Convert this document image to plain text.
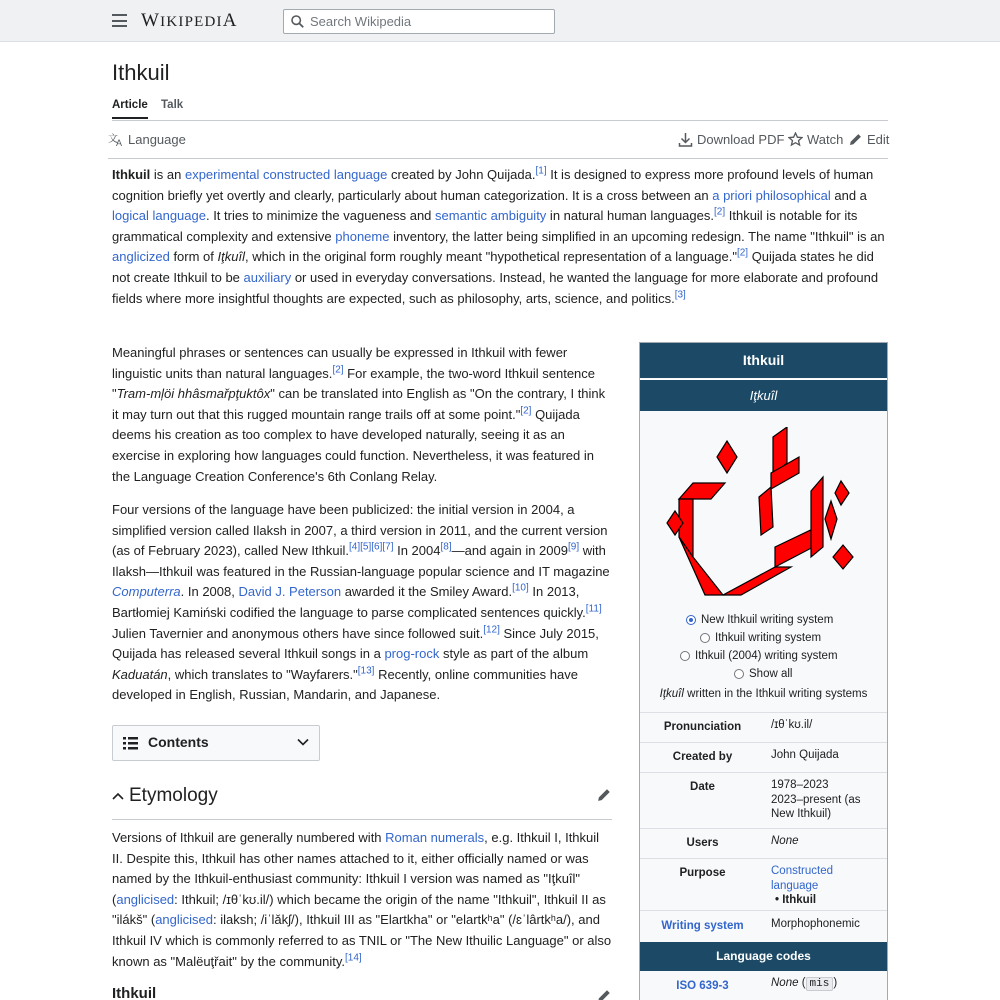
WIKIPEDIA
Search Wikipedia
Ithkuil
Article Talk
文
A Language	Download PDF Watch Edit
Ithkuil is an experimental constructed language created by John Quijada.[1] It is designed to express more profound levels of human cognition briefly yet overtly and clearly, particularly about human categorization. It is a cross between an a priori philosophical and a logical language. It tries to minimize the vagueness and semantic ambiguity in natural human languages.[2] Ithkuil is notable for its grammatical complexity and extensive phoneme inventory, the latter being simplified in an upcoming redesign. The name "Ithkuil" is an anglicized form of Iţkuîl, which in the original form roughly meant "hypothetical representation of a language."[2] Quijada states he did not create Ithkuil to be auxiliary or used in everyday conversations. Instead, he wanted the language for more elaborate and profound fields where more insightful thoughts are expected, such as philosophy, arts, science, and politics.[3]
Meaningful phrases or sentences can usually be expressed in Ithkuil with fewer linguistic units than natural languages.[2] For example, the two-word Ithkuil sentence "Tram-mļöi hhâsmařpţuktôx" can be translated into English as "On the contrary, I think it may turn out that this rugged mountain range trails off at some point."[2] Quijada deems his creation as too complex to have developed naturally, seeing it as an exercise in exploring how languages could function. Nevertheless, it was featured in the Language Creation Conference's 6th Conlang Relay.
Four versions of the language have been publicized: the initial version in 2004, a simplified version called Ilaksh in 2007, a third version in 2011, and the current version (as of February 2023), called New Ithkuil.[4][5][6][7] In 2004[8]—and again in 2009[9] with Ilaksh—Ithkuil was featured in the Russian-language popular science and IT magazine Computerra. In 2008, David J. Peterson awarded it the Smiley Award.[10] In 2013, Bartłomiej Kamiński codified the language to parse complicated sentences quickly.[11] Julien Tavernier and anonymous others have since followed suit.[12] Since July 2015, Quijada has released several Ithkuil songs in a prog-rock style as part of the album Kaduatán, which translates to "Wayfarers."[13] Recently, online communities have developed in English, Russian, Mandarin, and Japanese.
Contents
Etymology
Versions of Ithkuil are generally numbered with Roman numerals, e.g. Ithkuil I, Ithkuil II. Despite this, Ithkuil has other names attached to it, either officially named or was named by the Ithkuil-enthusiast community: Ithkuil I version was named as "Iţkuîl" (anglicised: Ithkuil; /ɪθˈkʊ.il/) which became the origin of the name "Ithkuil", Ithkuil II as "ilákš" (anglicised: ilaksh; /iˈlǎkʃ/), Ithkuil III as "Elartkha" or "elartkʰa" (/ɛˈlârtkʰa/), and Ithkuil IV which is commonly referred to as TNIL or "The New Ithuilic Language" or also known as "Malëuţřait" by the community.[14]
Ithkuil
Ithkuil
Iţkuîl
New Ithkuil writing system
Ithkuil writing system
Ithkuil (2004) writing system
Show all
Iţkuîl written in the Ithkuil writing systems
Pronunciation	/ɪθˈkʊ.il/
Created by	John Quijada
Date	1978–2023
2023–present (as New Ithkuil)
Users	None
Purpose	Constructed language
• Ithkuil
Writing system	Morphophonemic
Language codes
ISO 639-3	None ( mis )
